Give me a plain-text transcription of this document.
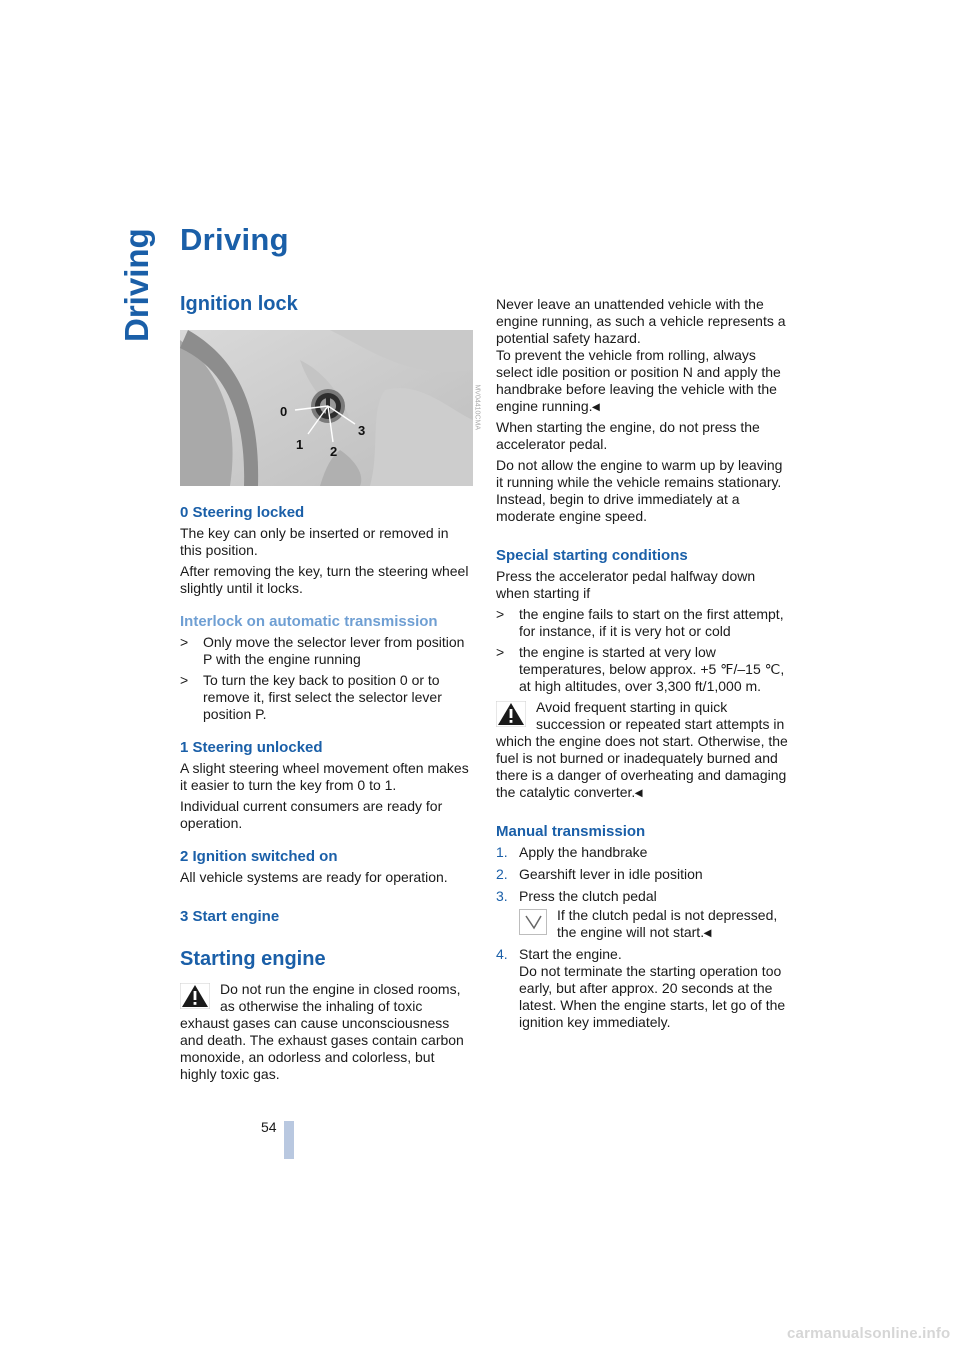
Driving Driving
Ignition lock
0
1 2
3
MV04410CMA
0 Steering locked

The key can only be inserted or removed in this position.

After removing the key, turn the steering wheel slightly until it locks.

Interlock on automatic transmission
> Only move the selector lever from position P with the engine running
> To turn the key back to position 0 or to remove it, first select the selector lever position P.
1 Steering unlocked

A slight steering wheel movement often makes it easier to turn the key from 0 to 1.

Individual current consumers are ready for operation.

2 Ignition switched on

All vehicle systems are ready for operation.

3 Start engine
Starting engine

Do not run the engine in closed rooms, as otherwise the inhaling of toxic exhaust gases can cause unconsciousness and death. The exhaust gases contain carbon monoxide, an odorless and colorless, but highly toxic gas.

Never leave an unattended vehicle with the engine running, as such a vehicle represents a potential safety hazard.

To prevent the vehicle from rolling, always select idle position or position N and apply the handbrake before leaving the vehicle with the engine running.◂

When starting the engine, do not press the accelerator pedal.

Do not allow the engine to warm up by leaving it running while the vehicle remains stationary. Instead, begin to drive immediately at a moderate engine speed.

Special starting conditions

Press the accelerator pedal halfway down when starting if

> the engine fails to start on the first attempt, for instance, if it is very hot or cold
> the engine is started at very low temperatures, below approx. +5 ℉/–15 ℃, at high altitudes, over 3,300 ft/1,000 m.

Avoid frequent starting in quick succession or repeated start attempts in which the engine does not start. Otherwise, the fuel is not burned or inadequately burned and there is a danger of overheating and damaging the catalytic converter.◂

Manual transmission
1. Apply the handbrake
2. Gearshift lever in idle position
3. Press the clutch pedal
If the clutch pedal is not depressed, the engine will not start.◂
4. Start the engine.
Do not terminate the starting operation too early, but after approx. 20 seconds at the latest. When the engine starts, let go of the ignition key immediately.
54
carmanualsonline.info
